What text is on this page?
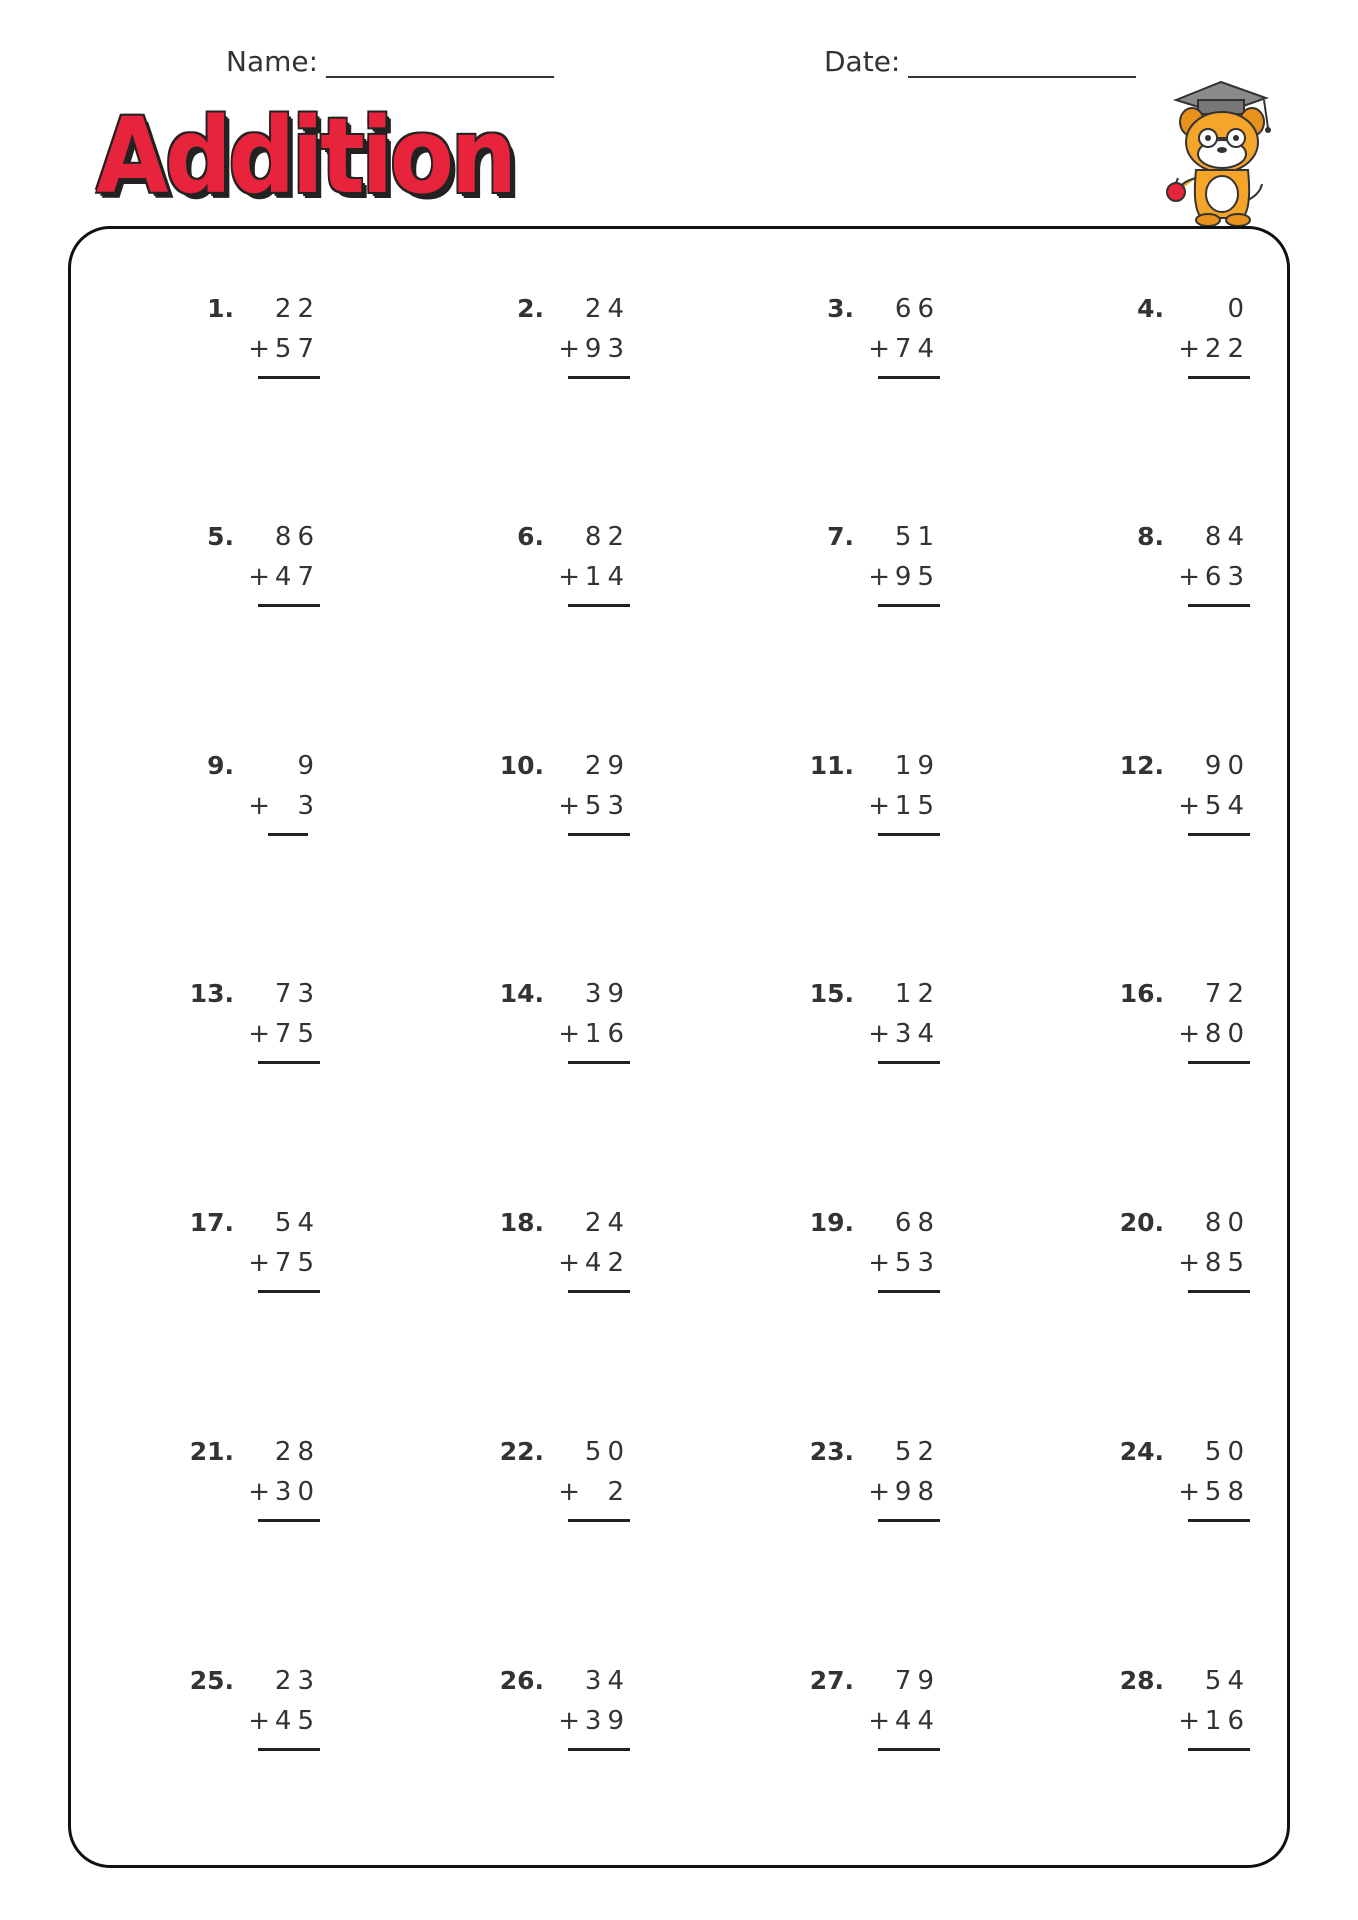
Name:	Date:
Addition
1. 22
+ 57
2. 24
+ 93
3. 66
+ 74
4. 0
+ 22
5. 86
+ 47
6. 82
+ 14
7. 51
+ 95
8. 84
+ 63
9. 9
+ 3
10. 29
+ 53
11. 19
+ 15
12. 90
+ 54
13. 73
+ 75
14. 39
+ 16
15. 12
+ 34
16. 72
+ 80
17. 54
+ 75
18. 24
+ 42
19. 68
+ 53
20. 80
+ 85
21. 28
+ 30
22. 50
+ 2
23. 52
+ 98
24. 50
+ 58
25. 23
+ 45
26. 34
+ 39
27. 79
+ 44
28. 54
+ 16
